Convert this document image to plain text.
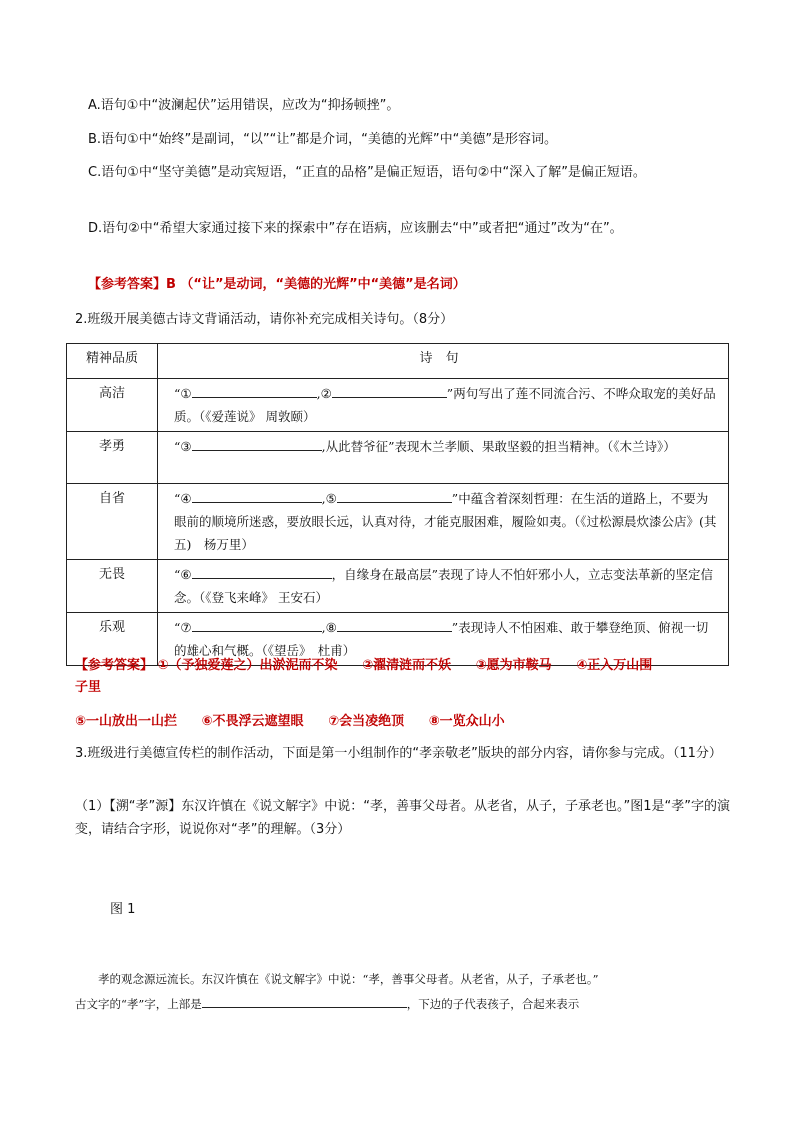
A.语句①中“波澜起伏”运用错误，应改为“抑扬顿挫”。
B.语句①中“始终”是副词，“以”“让”都是介词，“美德的光辉”中“美德”是形容词。
C.语句①中“坚守美德”是动宾短语，“正直的品格”是偏正短语，语句②中“深入了解”是偏正短语。
D.语句②中“希望大家通过接下来的探索中”存在语病，应该删去“中”或者把“通过”改为“在”。
【参考答案】B （“让”是动词，“美德的光辉”中“美德”是名词）
2.班级开展美德古诗文背诵活动，请你补充完成相关诗句。（8分）
精神品质	诗　句
高洁	“① ,② ”两句写出了莲不同流合污、不哗众取宠的美好品质。（《爱莲说》 周敦颐）
孝勇	“③ ,从此替爷征”表现木兰孝顺、果敢坚毅的担当精神。（《木兰诗》）
自省	“④ ,⑤ ”中蕴含着深刻哲理：在生活的道路上，不要为眼前的顺境所迷惑，要放眼长远，认真对待，才能克服困难，履险如夷。（《过松源晨炊漆公店》(其五)　杨万里）
无畏	“⑥ ，自缘身在最高层”表现了诗人不怕奸邪小人，立志变法革新的坚定信念。（《登飞来峰》 王安石）
乐观	“⑦ ,⑧ ”表现诗人不怕困难、敢于攀登绝顶、俯视一切的雄心和气概。（《望岳》　杜甫）
【参考答案】 ①（予独爱莲之）出淤泥而不染 ②濯清涟而不妖 ③愿为市鞍马 ④正入万山围
子里
⑤一山放出一山拦 ⑥不畏浮云遮望眼 ⑦会当凌绝顶 ⑧一览众山小
3.班级进行美德宣传栏的制作活动，下面是第一小组制作的“孝亲敬老”版块的部分内容，请你参与完成。（11分）
（1）【溯“孝”源】东汉许慎在《说文解字》中说：“孝，善事父母者。从老省，从子，子承老也。”图1是“孝”字的演变，请结合字形，说说你对“孝”的理解。（3分）
图 1
孝的观念源远流长。东汉许慎在《说文解字》中说：“孝，善事父母者。从老省，从子，子承老也。”
古文字的“孝”字，上部是	，下边的子代表孩子，合起来表示
